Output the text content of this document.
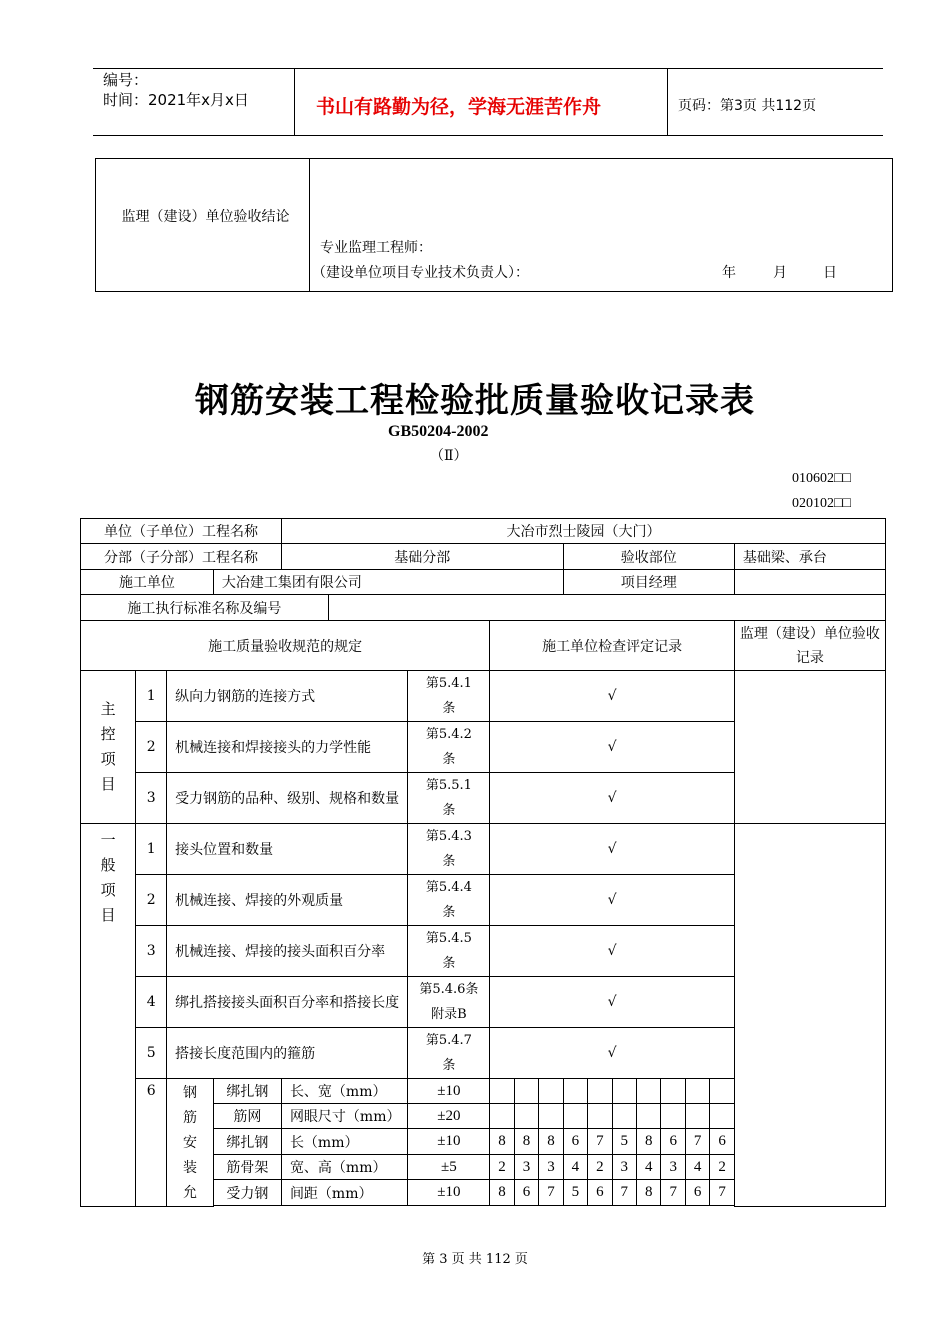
编号：
时间：2021年x月x日	书山有路勤为径，学海无涯苦作舟	页码：第3页 共112页
监理（建设）单位验收结论
专业监理工程师：
（建设单位项目专业技术负责人）：	年	月	日
钢筋安装工程检验批质量验收记录表
GB50204-2002
（Ⅱ）
010602□□
020102□□
单位（子单位）工程名称				大冶市烈士陵园（大门）													
分部（子分部）工程名称				基础分部						验收部位							基础梁、承台
施工单位			大冶建工集团有限公司							项目经理							
施工执行标准名称及编号																	
施工质量验收规范的规定							施工单位检查评定记录										监理（建设）单位验收记录
主控项目	1	纵向力钢筋的连接方式				第5.4.1条	√										
	2	机械连接和焊接接头的力学性能				第5.4.2条	√										
	3	受力钢筋的品种、级别、规格和数量				第5.5.1条	√										
一般项目	1	接头位置和数量				第5.4.3条	√										
	2	机械连接、焊接的外观质量				第5.4.4条	√										
	3	机械连接、焊接的接头面积百分率				第5.4.5条	√										
	4	绑扎搭接接头面积百分率和搭接长度				第5.4.6条附录B	√										
	5	搭接长度范围内的箍筋				第5.4.7条	√										
	6	钢筋安装允	绑扎钢	长、宽（mm）		±10											
			筋网	网眼尺寸（mm）		±20											
			绑扎钢	长（mm）		±10	8	8	8	6	7	5	8	6	7	6	
			筋骨架	宽、高（mm）		±5	2	3	3	4	2	3	4	3	4	2	
			受力钢	间距（mm）		±10	8	6	7	5	6	7	8	7	6	7	

第 3 页 共 112 页
